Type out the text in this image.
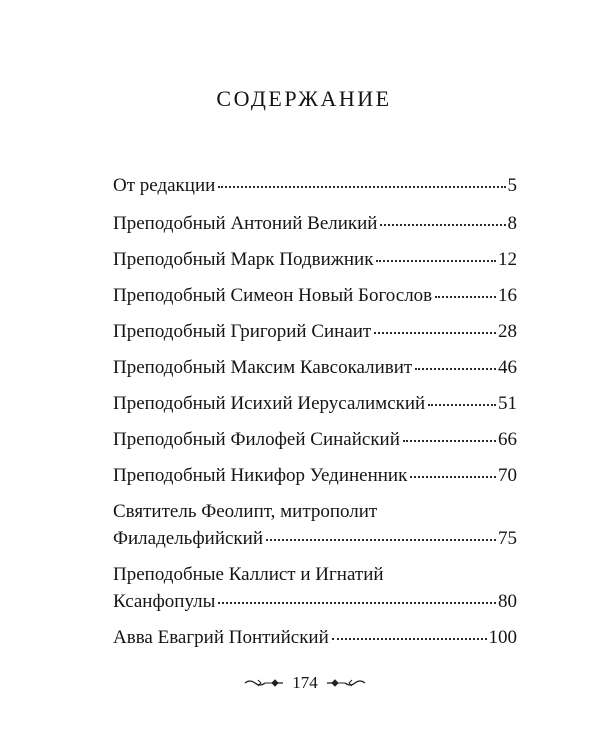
СОДЕРЖАНИЕ
От редакции	5
Преподобный Антоний Великий	8
Преподобный Марк Подвижник	12
Преподобный Симеон Новый Богослов	16
Преподобный Григорий Синаит	28
Преподобный Максим Кавсокаливит	46
Преподобный Исихий Иерусалимский	51
Преподобный Филофей Синайский	66
Преподобный Никифор Уединенник	70
Святитель Феолипт, митрополит
Филадельфийский	75
Преподобные Каллист и Игнатий
Ксанфопулы	80
Авва Евагрий Понтийский	100
174
